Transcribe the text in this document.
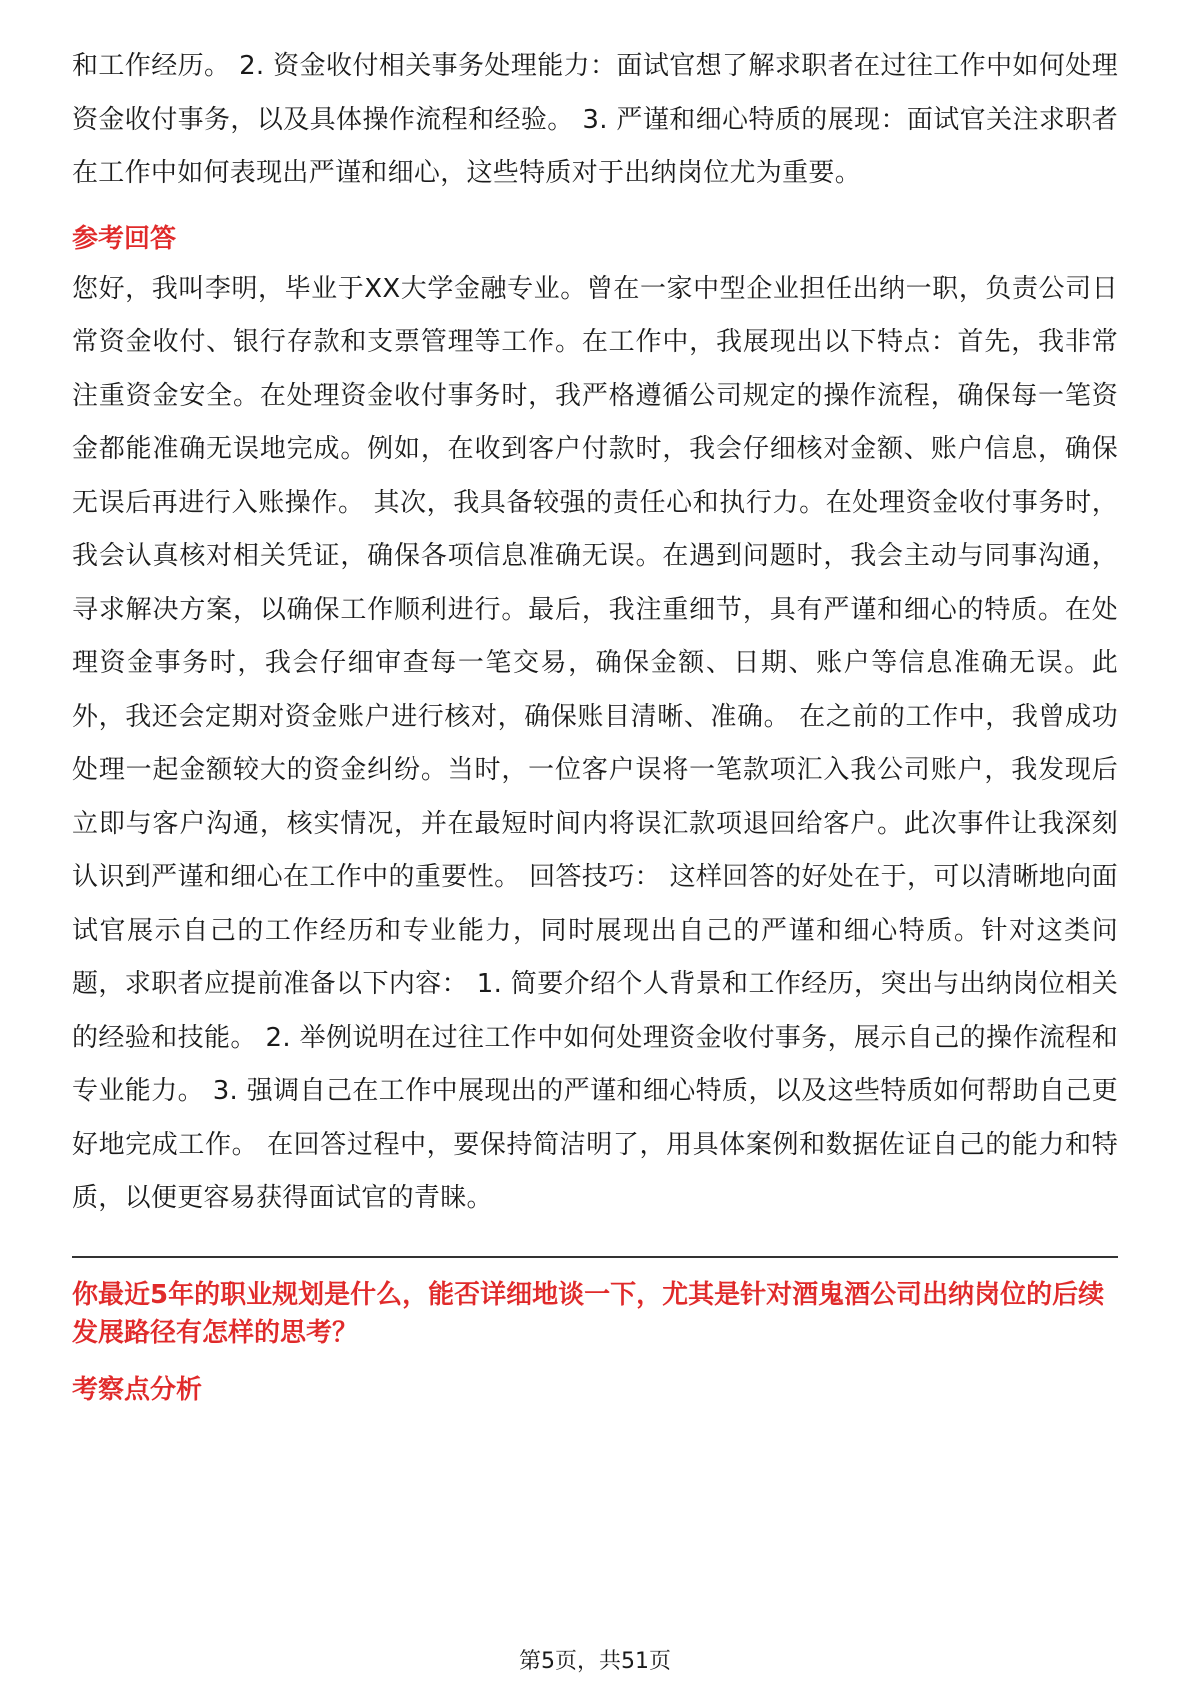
和工作经历。 2. 资金收付相关事务处理能力：面试官想了解求职者在过往工作中如何处理资金收付事务，以及具体操作流程和经验。 3. 严谨和细心特质的展现：面试官关注求职者在工作中如何表现出严谨和细心，这些特质对于出纳岗位尤为重要。

参考回答

您好，我叫李明，毕业于XX大学金融专业。曾在一家中型企业担任出纳一职，负责公司日常资金收付、银行存款和支票管理等工作。在工作中，我展现出以下特点：首先，我非常注重资金安全。在处理资金收付事务时，我严格遵循公司规定的操作流程，确保每一笔资金都能准确无误地完成。例如，在收到客户付款时，我会仔细核对金额、账户信息，确保无误后再进行入账操作。 其次，我具备较强的责任心和执行力。在处理资金收付事务时，我会认真核对相关凭证，确保各项信息准确无误。在遇到问题时，我会主动与同事沟通，寻求解决方案，以确保工作顺利进行。最后，我注重细节，具有严谨和细心的特质。在处理资金事务时，我会仔细审查每一笔交易，确保金额、日期、账户等信息准确无误。此外，我还会定期对资金账户进行核对，确保账目清晰、准确。 在之前的工作中，我曾成功处理一起金额较大的资金纠纷。当时，一位客户误将一笔款项汇入我公司账户，我发现后立即与客户沟通，核实情况，并在最短时间内将误汇款项退回给客户。此次事件让我深刻认识到严谨和细心在工作中的重要性。 回答技巧： 这样回答的好处在于，可以清晰地向面试官展示自己的工作经历和专业能力，同时展现出自己的严谨和细心特质。针对这类问题，求职者应提前准备以下内容： 1. 简要介绍个人背景和工作经历，突出与出纳岗位相关的经验和技能。 2. 举例说明在过往工作中如何处理资金收付事务，展示自己的操作流程和专业能力。 3. 强调自己在工作中展现出的严谨和细心特质，以及这些特质如何帮助自己更好地完成工作。 在回答过程中，要保持简洁明了，用具体案例和数据佐证自己的能力和特质，以便更容易获得面试官的青睐。

你最近5年的职业规划是什么，能否详细地谈一下，尤其是针对酒鬼酒公司出纳岗位的后续发展路径有怎样的思考？

考察点分析
第5页，共51页
